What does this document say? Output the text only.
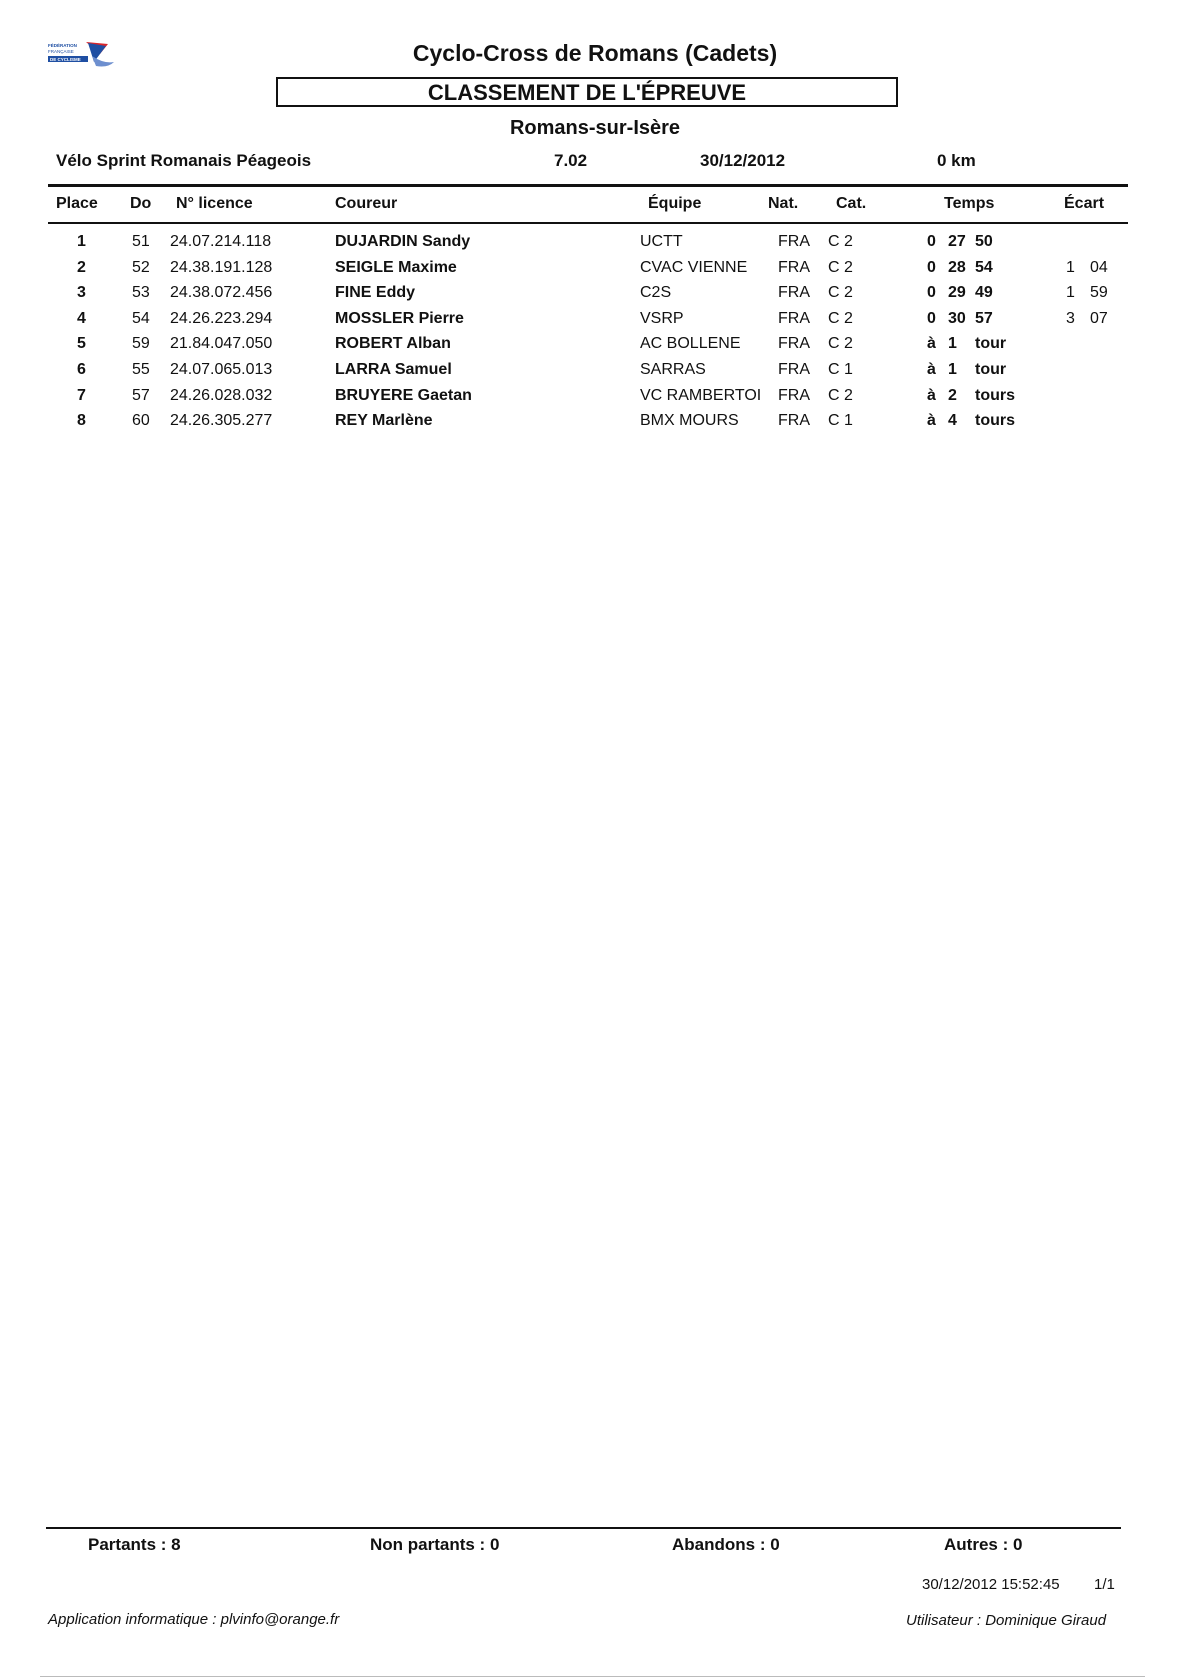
FÉDÉRATION
FRANÇAISE
DE CYCLISME	Cyclo-Cross de Romans (Cadets)
CLASSEMENT DE L'ÉPREUVE
Romans-sur-Isère
Vélo Sprint Romanais Péageois	7.02	30/12/2012	0 km
Place Do N° licence	Coureur	Équipe	Nat. Cat.	Temps	Écart
1	51 24.07.214.118	DUJARDIN Sandy	UCTT	FRA C 2	0 27 50
2	52 24.38.191.128	SEIGLE Maxime	CVAC VIENNE FRA C 2	0 28 54	1 04
3	53 24.38.072.456	FINE Eddy	C2S	FRA C 2	0 29 49	1 59
4	54 24.26.223.294	MOSSLER Pierre	VSRP	FRA C 2	0 30 57	3 07
5	59 21.84.047.050	ROBERT Alban	AC BOLLENE FRA C 2	à 1 tour
6	55 24.07.065.013	LARRA Samuel	SARRAS	FRA C 1	à 1 tour
7	57 24.26.028.032	BRUYERE Gaetan	VC RAMBERTOI FRA C 2	à 2 tours
8	60 24.26.305.277	REY Marlène	BMX MOURS FRA C 1	à 4 tours
Partants : 8	Non partants : 0	Abandons : 0	Autres : 0
30/12/2012 15:52:45 1/1
Application informatique : plvinfo@orange.fr	Utilisateur : Dominique Giraud
